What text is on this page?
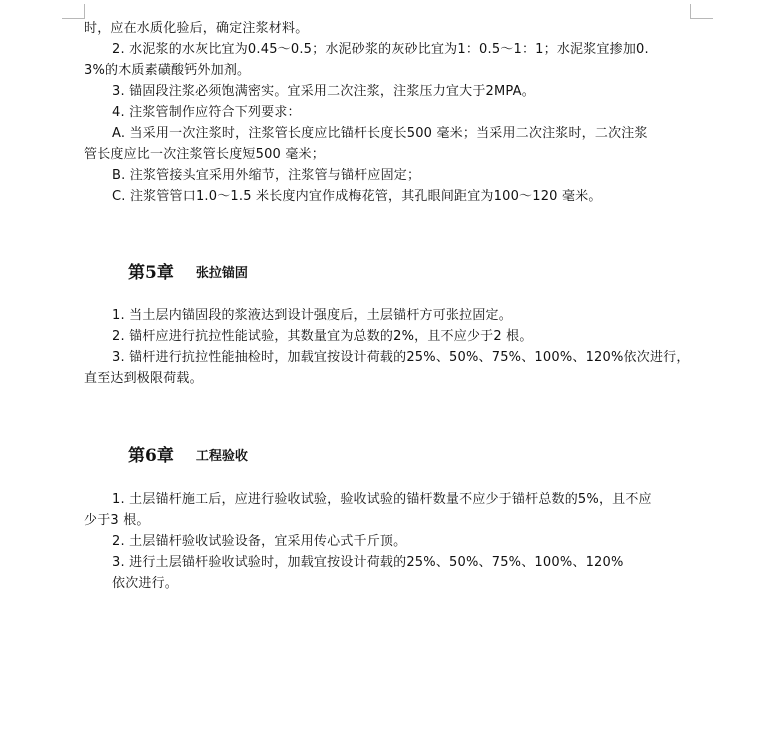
时，应在水质化验后，确定注浆材料。
2. 水泥浆的水灰比宜为0.45～0.5；水泥砂浆的灰砂比宜为1：0.5～1：1；水泥浆宜掺加0.
3%的木质素磺酸钙外加剂。
3. 锚固段注浆必须饱满密实。宜采用二次注浆，注浆压力宜大于2MPA。
4. 注浆管制作应符合下列要求：
A. 当采用一次注浆时，注浆管长度应比锚杆长度长500 毫米；当采用二次注浆时，二次注浆
管长度应比一次注浆管长度短500 毫米；
B. 注浆管接头宜采用外缩节，注浆管与锚杆应固定；
C. 注浆管管口1.0～1.5 米长度内宜作成梅花管，其孔眼间距宜为100～120 毫米。
第5章 张拉锚固
1. 当土层内锚固段的浆液达到设计强度后，土层锚杆方可张拉固定。
2. 锚杆应进行抗拉性能试验，其数量宜为总数的2%，且不应少于2 根。
3. 锚杆进行抗拉性能抽检时，加载宜按设计荷载的25%、50%、75%、100%、120%依次进行，
直至达到极限荷载。
第6章 工程验收
1. 土层锚杆施工后，应进行验收试验，验收试验的锚杆数量不应少于锚杆总数的5%，且不应
少于3 根。
2. 土层锚杆验收试验设备，宜采用传心式千斤顶。
3. 进行土层锚杆验收试验时，加载宜按设计荷载的25%、50%、75%、100%、120%
依次进行。
